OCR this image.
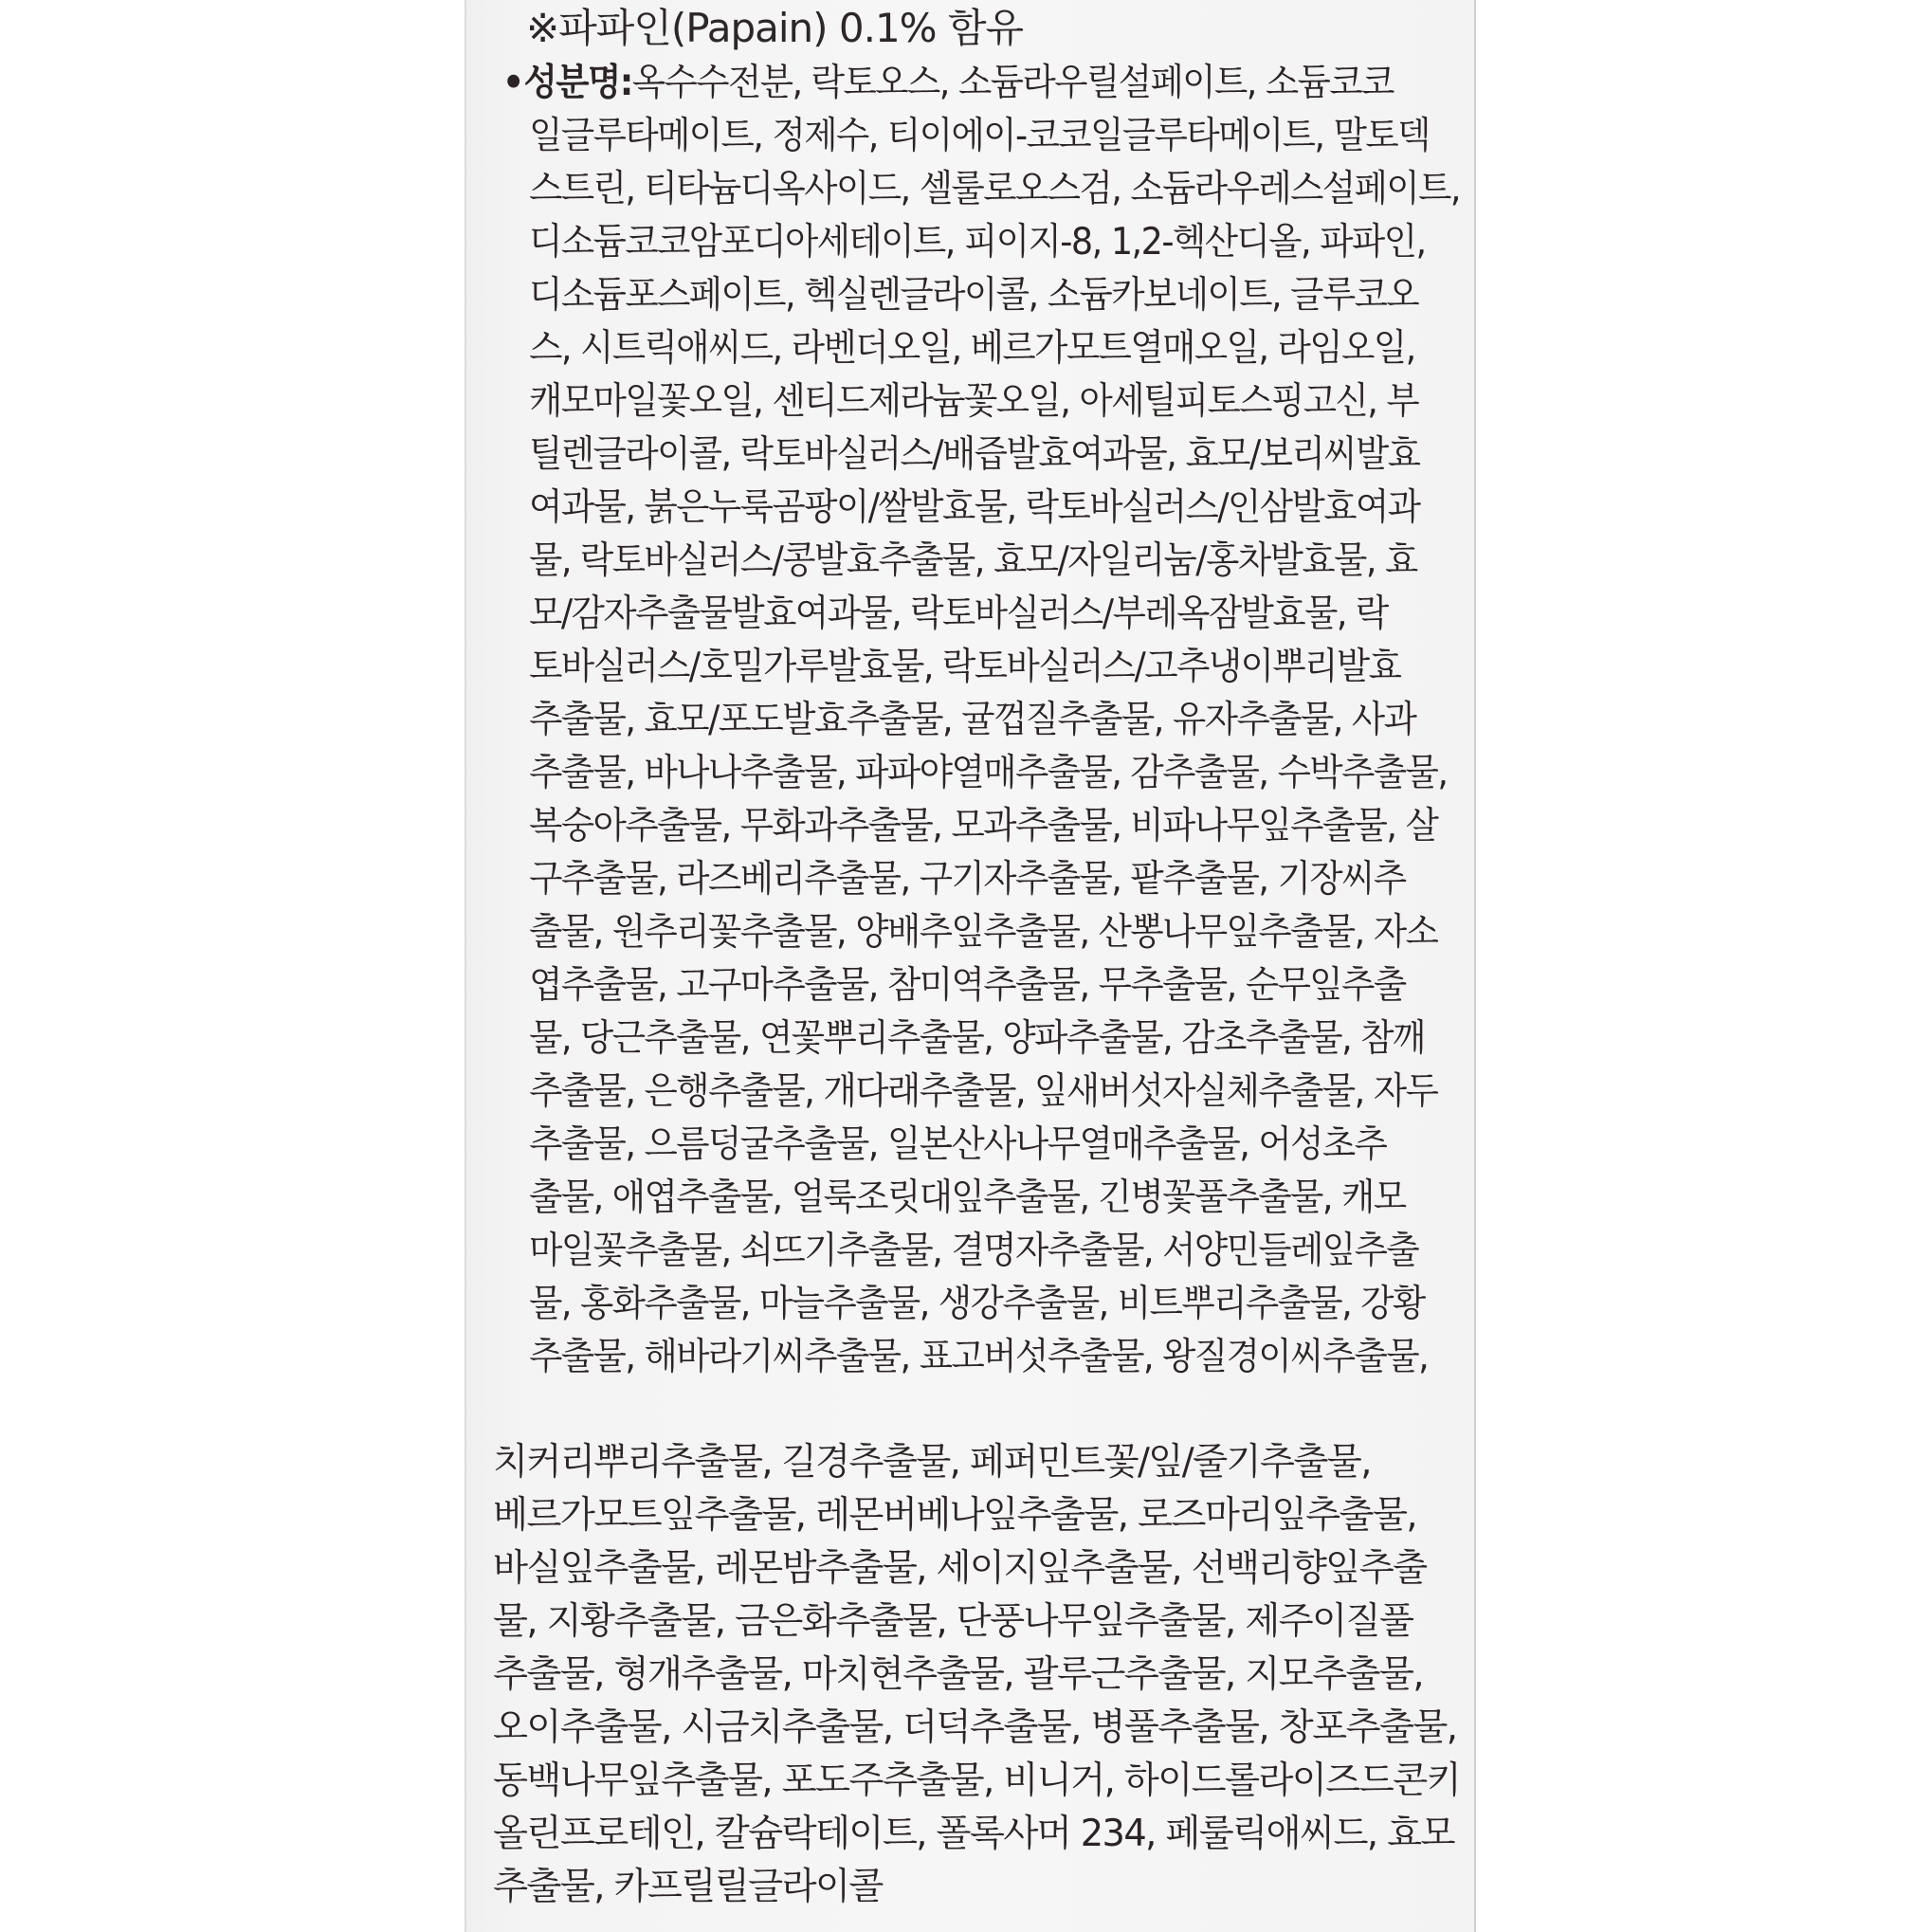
※파파인(Papain) 0.1% 함유
•성분명:옥수수전분, 락토오스, 소듐라우릴설페이트, 소듐코코
일글루타메이트, 정제수, 티이에이-코코일글루타메이트, 말토덱
스트린, 티타늄디옥사이드, 셀룰로오스검, 소듐라우레스설페이트,
디소듐코코암포디아세테이트, 피이지-8, 1,2-헥산디올, 파파인,
디소듐포스페이트, 헥실렌글라이콜, 소듐카보네이트, 글루코오
스, 시트릭애씨드, 라벤더오일, 베르가모트열매오일, 라임오일,
캐모마일꽃오일, 센티드제라늄꽃오일, 아세틸피토스핑고신, 부
틸렌글라이콜, 락토바실러스/배즙발효여과물, 효모/보리씨발효
여과물, 붉은누룩곰팡이/쌀발효물, 락토바실러스/인삼발효여과
물, 락토바실러스/콩발효추출물, 효모/자일리눔/홍차발효물, 효
모/감자추출물발효여과물, 락토바실러스/부레옥잠발효물, 락
토바실러스/호밀가루발효물, 락토바실러스/고추냉이뿌리발효
추출물, 효모/포도발효추출물, 귤껍질추출물, 유자추출물, 사과
추출물, 바나나추출물, 파파야열매추출물, 감추출물, 수박추출물,
복숭아추출물, 무화과추출물, 모과추출물, 비파나무잎추출물, 살
구추출물, 라즈베리추출물, 구기자추출물, 팥추출물, 기장씨추
출물, 원추리꽃추출물, 양배추잎추출물, 산뽕나무잎추출물, 자소
엽추출물, 고구마추출물, 참미역추출물, 무추출물, 순무잎추출
물, 당근추출물, 연꽃뿌리추출물, 양파추출물, 감초추출물, 참깨
추출물, 은행추출물, 개다래추출물, 잎새버섯자실체추출물, 자두
추출물, 으름덩굴추출물, 일본산사나무열매추출물, 어성초추
출물, 애엽추출물, 얼룩조릿대잎추출물, 긴병꽃풀추출물, 캐모
마일꽃추출물, 쇠뜨기추출물, 결명자추출물, 서양민들레잎추출
물, 홍화추출물, 마늘추출물, 생강추출물, 비트뿌리추출물, 강황
추출물, 해바라기씨추출물, 표고버섯추출물, 왕질경이씨추출물,
치커리뿌리추출물, 길경추출물, 페퍼민트꽃/잎/줄기추출물,
베르가모트잎추출물, 레몬버베나잎추출물, 로즈마리잎추출물,
바실잎추출물, 레몬밤추출물, 세이지잎추출물, 선백리향잎추출
물, 지황추출물, 금은화추출물, 단풍나무잎추출물, 제주이질풀
추출물, 형개추출물, 마치현추출물, 괄루근추출물, 지모추출물,
오이추출물, 시금치추출물, 더덕추출물, 병풀추출물, 창포추출물,
동백나무잎추출물, 포도주추출물, 비니거, 하이드롤라이즈드콘키
올린프로테인, 칼슘락테이트, 폴록사머 234, 페룰릭애씨드, 효모
추출물, 카프릴릴글라이콜
